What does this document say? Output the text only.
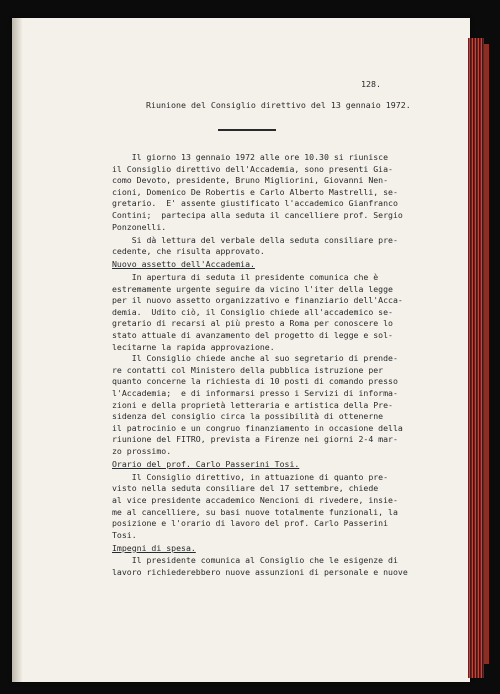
128.
Riunione del Consiglio direttivo del 13 gennaio 1972.
Il giorno 13 gennaio 1972 alle ore 10.30 si riunisce
il Consiglio direttivo dell'Accademia, sono presenti Gia-
como Devoto, presidente, Bruno Migliorini, Giovanni Nen-
cioni, Domenico De Robertis e Carlo Alberto Mastrelli, se-
gretario.  E' assente giustificato l'accademico Gianfranco
Contini;  partecipa alla seduta il cancelliere prof. Sergio
Ponzonelli.
Si dà lettura del verbale della seduta consiliare pre-
cedente, che risulta approvato.
Nuovo assetto dell'Accademia.
In apertura di seduta il presidente comunica che è
estremamente urgente seguire da vicino l'iter della legge
per il nuovo assetto organizzativo e finanziario dell'Acca-
demia.  Udito ciò, il Consiglio chiede all'accademico se-
gretario di recarsi al più presto a Roma per conoscere lo
stato attuale di avanzamento del progetto di legge e sol-
lecitarne la rapida approvazione.
Il Consiglio chiede anche al suo segretario di prende-
re contatti col Ministero della pubblica istruzione per
quanto concerne la richiesta di 10 posti di comando presso
l'Accademia;  e di informarsi presso i Servizi di informa-
zioni e della proprietà letteraria e artistica della Pre-
sidenza del consiglio circa la possibilità di ottenerne
il patrocinio e un congruo finanziamento in occasione della
riunione del FITRO, prevista a Firenze nei giorni 2-4 mar-
zo prossimo.
Orario del prof. Carlo Passerini Tosi.
Il Consiglio direttivo, in attuazione di quanto pre-
visto nella seduta consiliare del 17 settembre, chiede
al vice presidente accademico Nencioni di rivedere, insie-
me al cancelliere, su basi nuove totalmente funzionali, la
posizione e l'orario di lavoro del prof. Carlo Passerini
Tosi.
Impegni di spesa.
Il presidente comunica al Consiglio che le esigenze di
lavoro richiederebbero nuove assunzioni di personale e nuove
